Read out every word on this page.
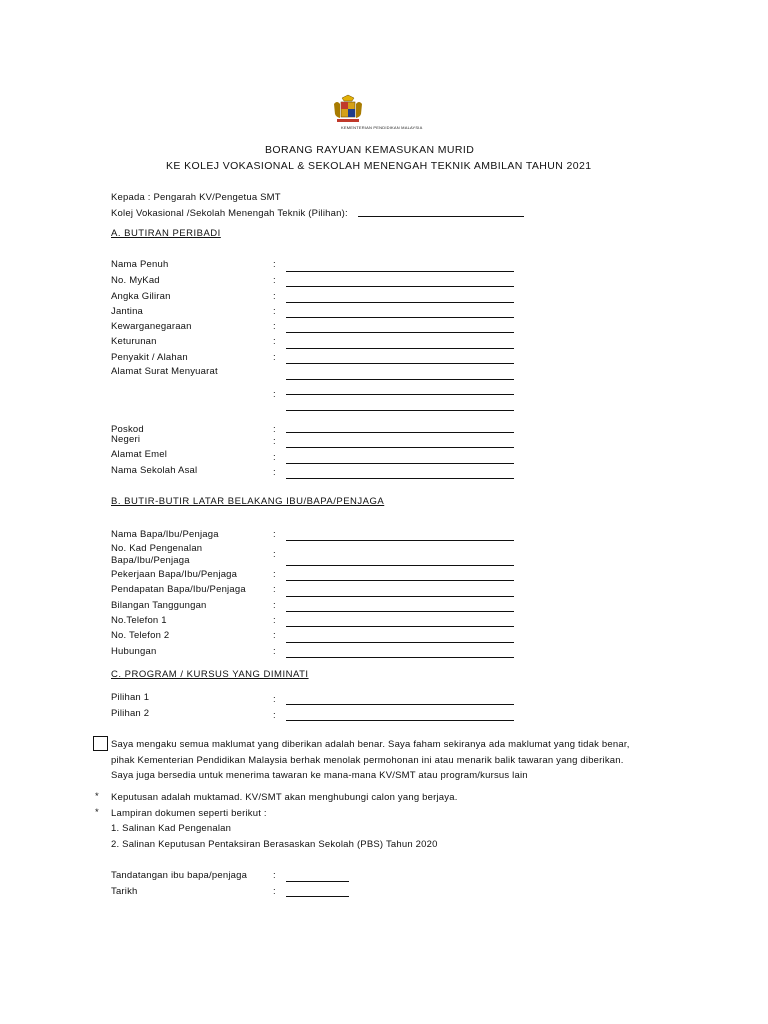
KEMENTERIAN PENDIDIKAN MALAYSIA
BORANG RAYUAN KEMASUKAN MURID
KE KOLEJ VOKASIONAL & SEKOLAH MENENGAH TEKNIK AMBILAN TAHUN 2021
Kepada : Pengarah KV/Pengetua SMT
Kolej Vokasional /Sekolah Menengah Teknik (Pilihan):
A. BUTIRAN PERIBADI
Nama Penuh	:
No. MyKad	:
Angka Giliran	:
Jantina	:
Kewarganegaraan	:
Keturunan	:
Penyakit / Alahan	:
Alamat Surat Menyuarat
:
Poskod	:
Negeri	:
Alamat Emel	:
Nama Sekolah Asal	:
B. BUTIR-BUTIR LATAR BELAKANG IBU/BAPA/PENJAGA
Nama Bapa/Ibu/Penjaga	:
No. Kad Pengenalan
Bapa/Ibu/Penjaga
:
Pekerjaan Bapa/Ibu/Penjaga	:
Pendapatan Bapa/Ibu/Penjaga	:
Bilangan Tanggungan	:
No.Telefon 1	:
No. Telefon 2	:
Hubungan	:
C. PROGRAM / KURSUS YANG DIMINATI
Pilihan 1	:
Pilihan 2	:
Saya mengaku semua maklumat yang diberikan adalah benar. Saya faham sekiranya ada maklumat yang tidak benar,
pihak Kementerian Pendidikan Malaysia berhak menolak permohonan ini atau menarik balik tawaran yang diberikan.
Saya juga bersedia untuk menerima tawaran ke mana-mana KV/SMT atau program/kursus lain
* Keputusan adalah muktamad. KV/SMT akan menghubungi calon yang berjaya.
* Lampiran dokumen seperti berikut :
1. Salinan Kad Pengenalan
2. Salinan Keputusan Pentaksiran Berasaskan Sekolah (PBS) Tahun 2020
Tandatangan ibu bapa/penjaga	:
Tarikh	:
